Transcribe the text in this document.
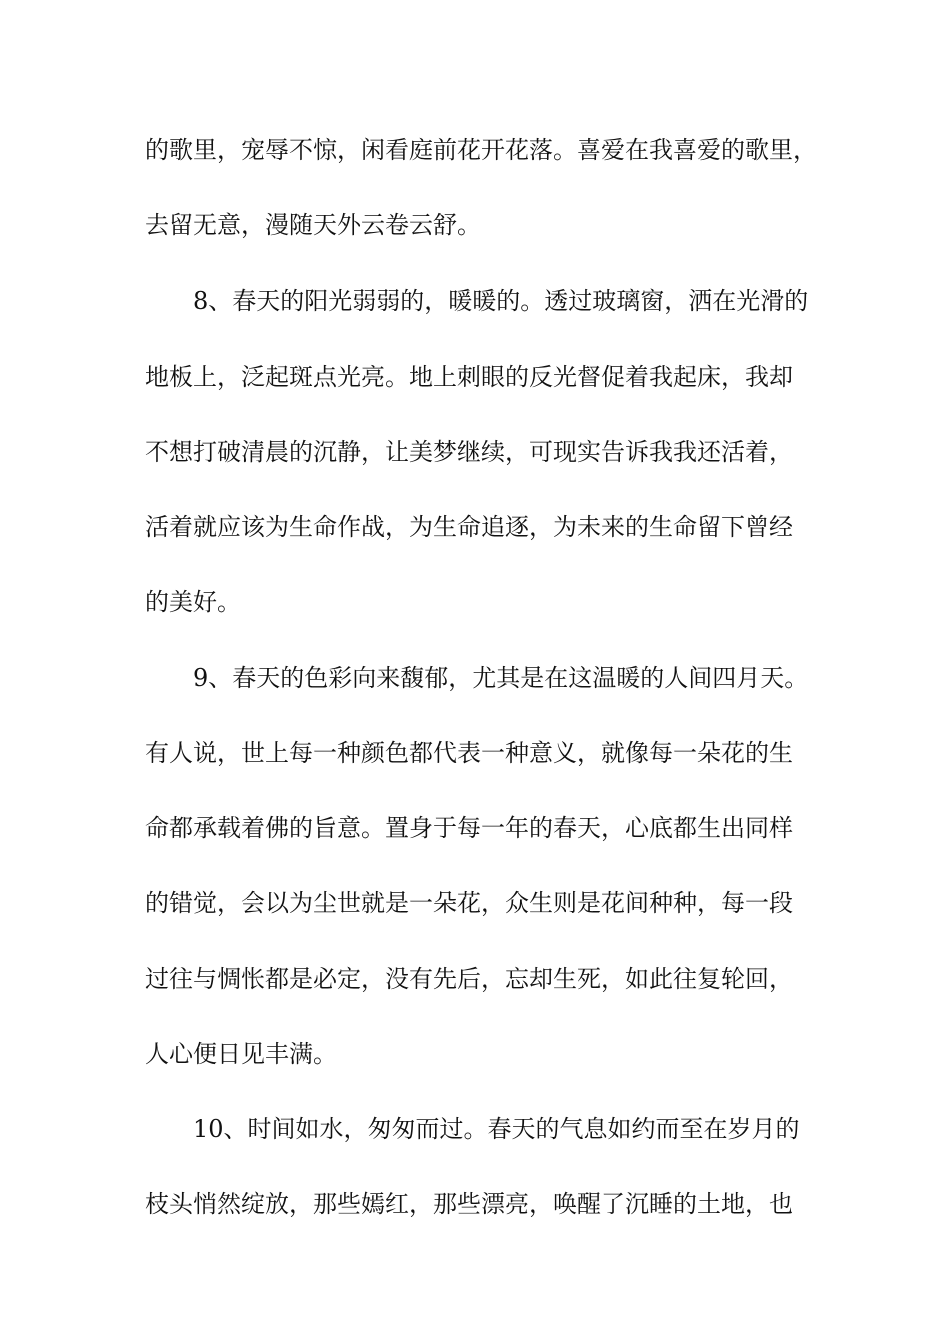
的歌里，宠辱不惊，闲看庭前花开花落。喜爱在我喜爱的歌里，
去留无意，漫随天外云卷云舒。
8、春天的阳光弱弱的，暖暖的。透过玻璃窗，洒在光滑的
地板上，泛起斑点光亮。地上刺眼的反光督促着我起床，我却
不想打破清晨的沉静，让美梦继续，可现实告诉我我还活着，
活着就应该为生命作战，为生命追逐，为未来的生命留下曾经
的美好。
9、春天的色彩向来馥郁，尤其是在这温暖的人间四月天。
有人说，世上每一种颜色都代表一种意义，就像每一朵花的生
命都承载着佛的旨意。置身于每一年的春天，心底都生出同样
的错觉，会以为尘世就是一朵花，众生则是花间种种，每一段
过往与惆怅都是必定，没有先后，忘却生死，如此往复轮回，
人心便日见丰满。
10、时间如水，匆匆而过。春天的气息如约而至在岁月的
枝头悄然绽放，那些嫣红，那些漂亮，唤醒了沉睡的土地，也
